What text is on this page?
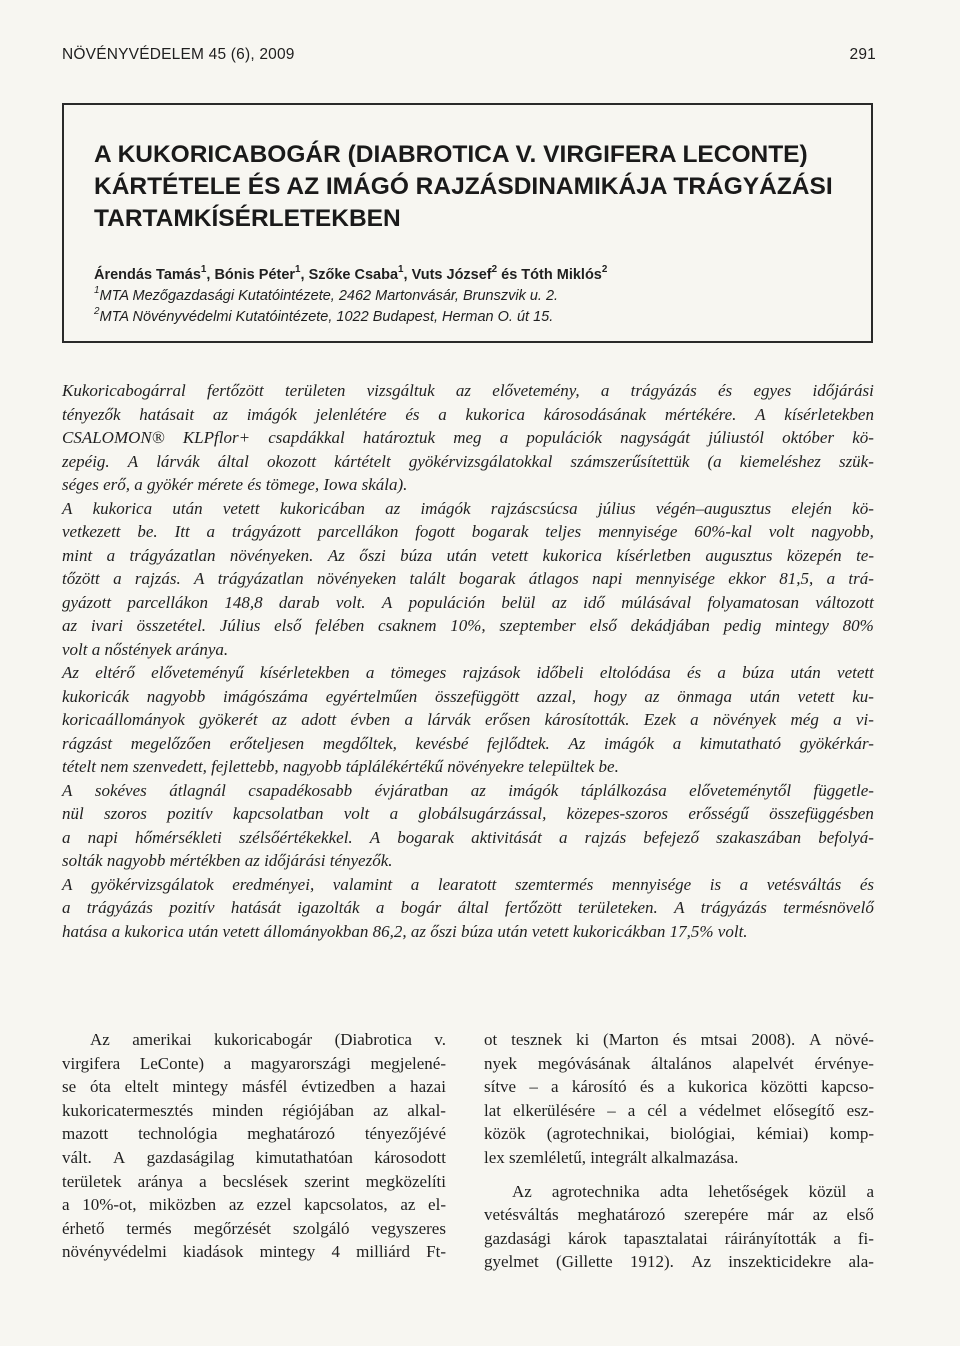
NÖVÉNYVÉDELEM 45 (6), 2009	291
A KUKORICABOGÁR (DIABROTICA V. VIRGIFERA LECONTE)
KÁRTÉTELE ÉS AZ IMÁGÓ RAJZÁSDINAMIKÁJA TRÁGYÁZÁSI
TARTAMKÍSÉRLETEKBEN
Árendás Tamás$^1$, Bónis Péter$^1$, Szőke Csaba$^1$, Vuts József$^2$ és Tóth Miklós$^2$
$^1$MTA Mezőgazdasági Kutatóintézete, 2462 Martonvásár, Brunszvik u. 2.
$^2$MTA Növényvédelmi Kutatóintézete, 1022 Budapest, Herman O. út 15.
Kukoricabogárral fertőzött területen vizsgáltuk az elővetemény, a trágyázás és egyes időjárási
tényezők hatásait az imágók jelenlétére és a kukorica károsodásának mértékére. A kísérletekben
CSALOMON® KLPflor+ csapdákkal határoztuk meg a populációk nagyságát júliustól október kö-
zepéig. A lárvák által okozott kártételt gyökérvizsgálatokkal számszerűsítettük (a kiemeléshez szük-
séges erő, a gyökér mérete és tömege, Iowa skála).
A kukorica után vetett kukoricában az imágók rajzáscsúcsa július végén–augusztus elején kö-
vetkezett be. Itt a trágyázott parcellákon fogott bogarak teljes mennyisége 60%-kal volt nagyobb,
mint a trágyázatlan növényeken. Az őszi búza után vetett kukorica kísérletben augusztus közepén te-
tőzött a rajzás. A trágyázatlan növényeken talált bogarak átlagos napi mennyisége ekkor 81,5, a trá-
gyázott parcellákon 148,8 darab volt. A populáción belül az idő múlásával folyamatosan változott
az ivari összetétel. Július első felében csaknem 10%, szeptember első dekádjában pedig mintegy 80%
volt a nőstények aránya.
Az eltérő előveteményű kísérletekben a tömeges rajzások időbeli eltolódása és a búza után vetett
kukoricák nagyobb imágószáma egyértelműen összefüggött azzal, hogy az önmaga után vetett ku-
koricaállományok gyökerét az adott évben a lárvák erősen károsították. Ezek a növények még a vi-
rágzást megelőzően erőteljesen megdőltek, kevésbé fejlődtek. Az imágók a kimutatható gyökérkár-
tételt nem szenvedett, fejlettebb, nagyobb táplálékértékű növényekre települtek be.
A sokéves átlagnál csapadékosabb évjáratban az imágók táplálkozása előveteménytől függetle-
nül szoros pozitív kapcsolatban volt a globálsugárzással, közepes-szoros erősségű összefüggésben
a napi hőmérsékleti szélsőértékekkel. A bogarak aktivitását a rajzás befejező szakaszában befolyá-
solták nagyobb mértékben az időjárási tényezők.
A gyökérvizsgálatok eredményei, valamint a learatott szemtermés mennyisége is a vetésváltás és
a trágyázás pozitív hatását igazolták a bogár által fertőzött területeken. A trágyázás termésnövelő
hatása a kukorica után vetett állományokban 86,2, az őszi búza után vetett kukoricákban 17,5% volt.
Az amerikai kukoricabogár (Diabrotica v.
virgifera LeConte) a magyarországi megjelené-
se óta eltelt mintegy másfél évtizedben a hazai
kukoricatermesztés minden régiójában az alkal-
mazott technológia meghatározó tényezőjévé
vált. A gazdaságilag kimutathatóan károsodott
területek aránya a becslések szerint megközelíti
a 10%-ot, miközben az ezzel kapcsolatos, az el-
érhető termés megőrzését szolgáló vegyszeres
növényvédelmi kiadások mintegy 4 milliárd Ft-
ot tesznek ki (Marton és mtsai 2008). A növé-
nyek megóvásának általános alapelvét érvénye-
sítve – a károsító és a kukorica közötti kapcso-
lat elkerülésére – a cél a védelmet elősegítő esz-
közök (agrotechnikai, biológiai, kémiai) komp-
lex szemléletű, integrált alkalmazása.
Az agrotechnika adta lehetőségek közül a
vetésváltás meghatározó szerepére már az első
gazdasági károk tapasztalatai ráirányították a fi-
gyelmet (Gillette 1912). Az inszekticidekre ala-
